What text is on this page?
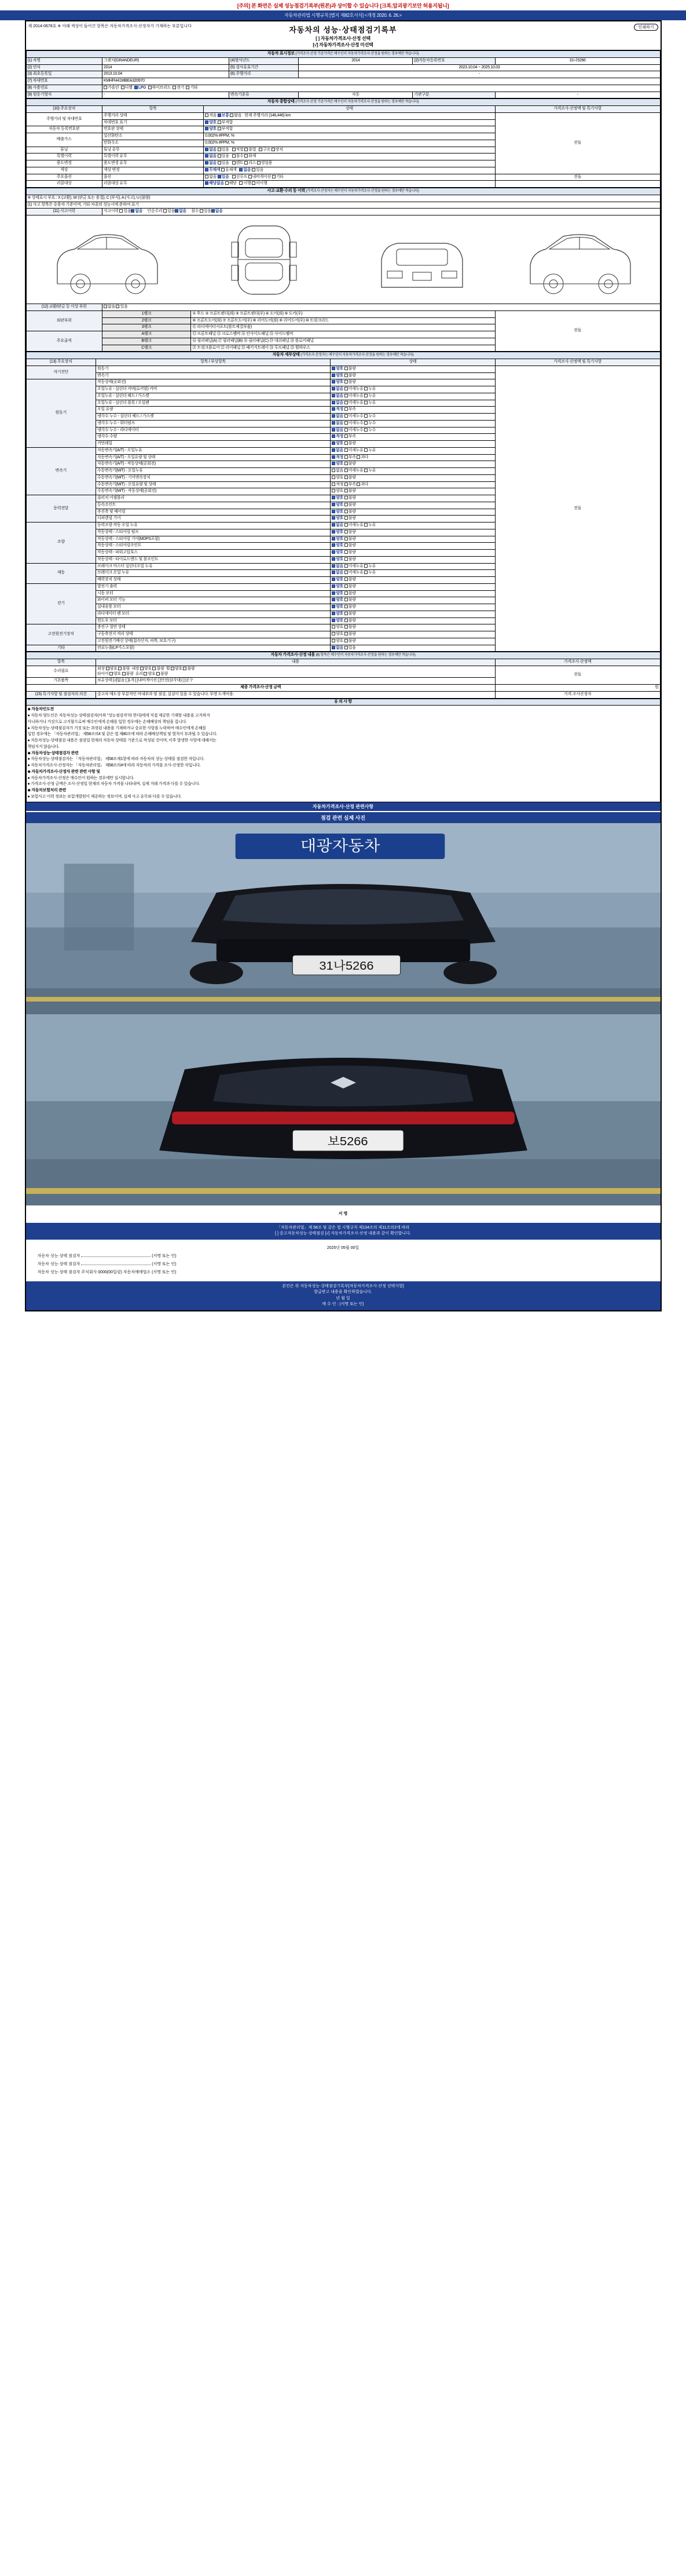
[주의] 본 화면은 실제 성능점검기록부(원본)과 상이할 수 있습니다 [크록,압괴광기보안 허용지됩니]
자동차관리법 시행규칙 [별지 제82호서식] <개정 2020. 6. 26.>
제 2014-0678호 ※ 아래 색상이 들어간 항목은 자동차가격조사·산정자가 기재하는 부분입니다	인쇄하기
자동차의 성능·상태점검기록부
[ ] 자동차가격조사·산정 선택
[√] 자동차가격조사·산정 미선택
자동차 표시정보 (가격조사·산정 기준가격은 매수인이 자동차가격조사·산정을 원하는 경우에만 적습니다)					
(1) 차명	그랜저(GRANDEUR)	(4)형식년도	2014	(2)자동차등록번호	31나5266
(2) 연식	2014	(5) 검사유효기간	2023.10.04 ~ 2025.10.03		
(3) 최초등록일	2013.10.04	(6) 주행거리	-		
(7) 차대번호	KMHFH41MBEA320970				
(8) 사용연료	가솔린 디젤 LPG 하이브리드 전기 기타				
(9) 원동기형식	-	변속기종류	자동	기관구분	-
자동차 종합상태 (가격조사·산정 기준가격은 매수인이 자동차가격조사·산정을 원하는 경우에만 적습니다)			
(10) 주요장치	항목	상태	가격조사·산정액 및 특기사항
주행거리 및 차대번호	주행거리 상태	적음 보통 많음 현재 주행거리 (146,446) km	전돌
	차대번호 표기	양호 부적합	
자동차 등록번호판	번호판 상태	양호 부적합	
배출가스	일산화탄소	0.002% #PPM, %	
	탄화수소	0.002% #PPM, %	
튜닝	튜닝 유무	없음 있음 적법 불법 구조 장치	
특별이력	특별이력 유무	없음 있음 침수 화재	
용도변경	용도변경 유무	없음 있음 렌트 리스 영업용	
색상	색상 변경	무채색 유채색 없음 있음	
주요옵션	옵션	없음 있음 선루프 내비게이션 기타	전돌
리콜대상	리콜대상 유무	해당없음 해당 이행 미이행	
사고·교환·수리 등 이력 (가격조사·산정자는 매수인이 자동차가격조사·산정을 원하는 경우에만 적습니다)			
※ 상태표시 부호 : X (교환), W (판금 또는 용접), C (부식), A (사고), U (불량)			
(1) 사고 항목은 승용차 기준이며, 기타 차종의 성능시에 준하여 표기			
(11) 사고이력	사고이력 있음 없음 단순수리 있음 없음 침수 있음 없음		

(12) 교환/판금 등 이상 부위	없음 있음		
외판부위	1랭크	① 후드 ② 프론트펜더(좌) ③ 프론트펜더(우) ④ 도어(좌) ⑤ 도어(우)	전돌
	2랭크	⑥ 프론트도어(좌) ⑦ 프론트도어(우) ⑧ 리어도어(좌) ⑨ 리어도어(우) ⑩ 트렁크리드	
	3랭크	⑪ 라디에이터서포트(볼트체결부품)	
주요골격	A랭크	⑫ 프론트패널 ⑬ 크로스멤버 ⑭ 인사이드패널 ⑮ 사이드멤버	
	B랭크	⑯ 필러패널(A) ⑰ 필러패널(B) ⑱ 필러패널(C) ⑲ 대쉬패널 ⑳ 플로어패널	
	C랭크	㉑ 트렁크플로어 ㉒ 리어패널 ㉓ 패키지트레이 ㉔ 루프패널 ㉕ 휠하우스	
자동차 세부상태 (가격조사·산정자는 매수인이 자동차가격조사·산정을 원하는 경우에만 적습니다)			
(13) 주요장치	항목 / 부상항목	상태	가격조사·산정액 및 특기사항
자기진단	원동기	양호 불량	전돌
	변속기	양호 불량	
원동기	작동상태(공회전)	양호 불량	
	오일누유 - 실린더 커버(로커암) 커버	없음 미세누유 누유	
	오일누유 - 실린더 헤드 / 가스켓	없음 미세누유 누유	
	오일누유 - 실린더 블록 / 오일팬	없음 미세누유 누유	
	오일 유량	적정 부족	
	냉각수 누수 - 실린더 헤드 / 가스켓	없음 미세누수 누수	
	냉각수 누수 - 워터펌프	없음 미세누수 누수	
	냉각수 누수 - 라디에이터	없음 미세누수 누수	
	냉각수 수량	적정 부족	
	커먼레일	양호 불량	
변속기	자동변속기(A/T) - 오일누유	없음 미세누유 누유	
	자동변속기(A/T) - 오일유량 및 상태	적정 부족 과다	
	자동변속기(A/T) - 작동상태(공회전)	양호 불량	
	수동변속기(M/T) - 오일누유	없음 미세누유 누유	
	수동변속기(M/T) - 기어변속장치	양호 불량	
	수동변속기(M/T) - 오일유량 및 상태	적정 부족 과다	
	수동변속기(M/T) - 작동상태(공회전)	양호 불량	
동력전달	클러치 어셈블리	양호 불량	
	등속조인트	양호 불량	
	추진축 및 베어링	양호 불량	
	디퍼렌셜 기어	양호 불량	
조향	동력조향 작동 오일 누유	없음 미세누유 누유	
	작동상태 - 스티어링 펌프	양호 불량	
	작동상태 - 스티어링 기어(MDPS포함)	양호 불량	
	작동상태 - 스티어링조인트	양호 불량	
	작동상태 - 파워고압호스	양호 불량	
	작동상태 - 타이로드엔드 및 볼조인트	양호 불량	
제동	브레이크 마스터 실린더오일 누유	없음 미세누유 누유	
	브레이크 오일 누유	없음 미세누유 누유	
	배력장치 상태	양호 불량	
전기	발전기 출력	양호 불량	
	시동 모터	양호 불량	
	와이퍼 모터 기능	양호 불량	
	실내송풍 모터	양호 불량	
	라디에이터 팬 모터	양호 불량	
	윈도우 모터	양호 불량	
고전원전기장치	충전구 절연 상태	양호 불량	
	구동축전지 격리 상태	양호 불량	
	고전원전기배선 상태(접속단자, 피복, 보호기구)	양호 불량	
기타	연료누출(LP가스포함)	없음 있음	
자동차 가격조사·산정 내용 (8) 항목은 매수인이 자동차가격조사·산정을 원하는 경우에만 적습니다)		
항목	내용	가격조사·산정액
수리필요	외장 양호 불량 내장 양호 불량 휠 양호 불량
타이어 양호 불량 유리 양호 불량	전돌
기본품목	보유상태 [√]없음 [ ]1개 [ ]내비게이션 [ ]안전(삼각대) [ ]공구	
체종 가격조사·산정 금액		원
(15) 특기사항 및 점검자의 의견	중고차 매도상 부분적인 마내부과 및 점검, 실검이 있을 수 있습니다. 투명 도색비용.	가격·조사산정자
유 의 사 항

◆ 자동차인도전

● 자동차 양도인은 자동차성능·상태점검자(이하 "성능점검자"라 한다)에게 직접 제공한 기재할 내용을 고지하지

아니하거나 거짓으로 고지함으로써 매수인에게 손해를 입힌 경우에는 손해배상의 책임을 집니다.

● 자동차성능·상태점검자가 거짓 또는 과장된 내용을 기재하거나 중요한 사항을 누락하여 매수인에게 손해를

입힌 경우에는 「자동차관리법」 제58조의4 및 같은 법 제80조에 따라 손해배상책임 및 벌칙이 부과될 수 있습니다.

● 자동차성능·상태점검 내용은 점검일 현재의 자동차 상태를 기준으로 작성된 것이며, 이후 발생한 사항에 대해서는

책임지지 않습니다.

◆ 자동차성능·상태점검자 관련

● 자동차성능·상태점검자는 「자동차관리법」 제58조제1항에 따라 자동차의 성능·상태를 점검한 자입니다.

● 자동차가격조사·산정자는 「자동차관리법」 제58조의4에 따라 자동차의 가격을 조사·산정한 자입니다.

◆ 자동차가격조사·산정자 관련 관련 사항 및

● 자동차가격조사·산정은 매수인이 원하는 경우에만 실시합니다.

● 가격조사·산정 금액은 조사·산정일 현재의 자동차 가격을 나타내며, 실제 거래 가격과 다를 수 있습니다.

◆ 자동차보험처리 관련

● 보험사고 이력 정보는 보험개발원이 제공하는 정보이며, 실제 사고 유무와 다를 수 있습니다.

자동차가격조사·산정 관련사항
점검 관련 실제 사진
대광자동차
31나5266
보5266
서 명
「자동차관리법」제 58조 및 같은 법 시행규칙 제134조의 제11조의2에 따라
[ ] 중고자동차성능·상태점검 [√] 자동차가격조사·산정 내용과 같이 확인합니다.
2025년 05월 00일
자동차 성능·상태 점검자	(서명 또는 인)
자동차 성능·상태 점검자	(서명 또는 인)
자동차 성능·상태 점검자 주식회사 0000(00딜링) 자동차매매업소 (서명 또는 인)
본인은 위 자동차성능·상태점검기록부[자동차가격조사·산정 선택사항]
발급받고 내용을 확인하였습니다.
년 월 일
매 수 인 : (서명 또는 인)
